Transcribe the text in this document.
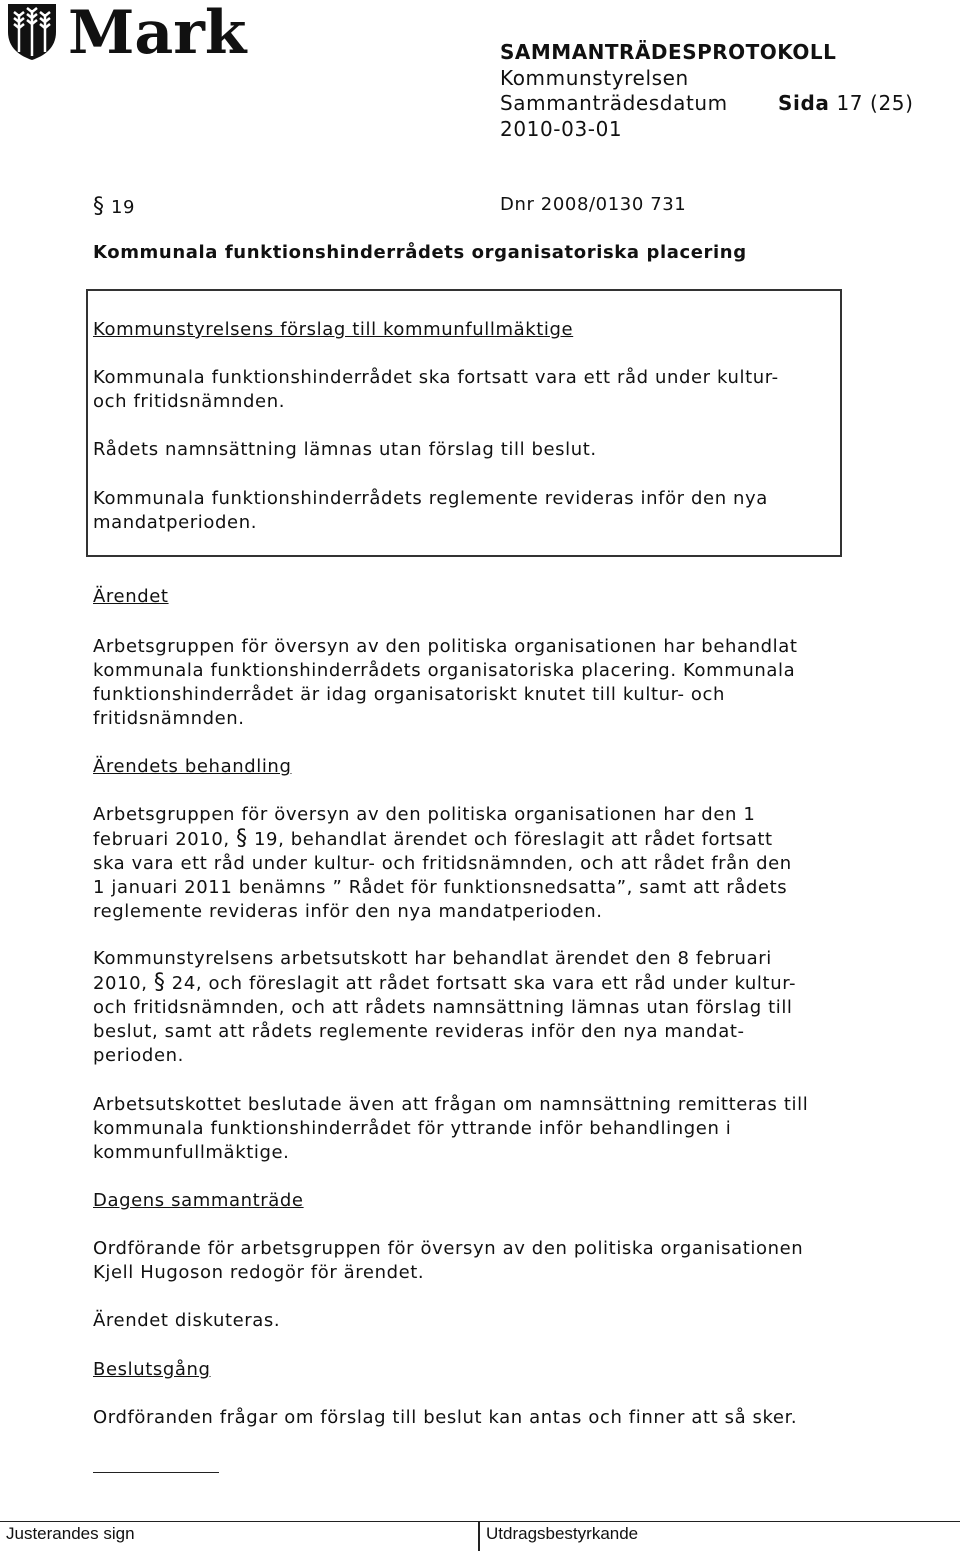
Mark	SAMMANTRÄDESPROTOKOLL
Kommunstyrelsen
Sammanträdesdatum	Sida 17 (25)
2010-03-01
§ 19	Dnr 2008/0130 731
Kommunala funktionshinderrådets organisatoriska placering
Kommunstyrelsens förslag till kommunfullmäktige
Kommunala funktionshinderrådet ska fortsatt vara ett råd under kultur-
och fritidsnämnden.
Rådets namnsättning lämnas utan förslag till beslut.
Kommunala funktionshinderrådets reglemente revideras inför den nya
mandatperioden.
Ärendet
Arbetsgruppen för översyn av den politiska organisationen har behandlat
kommunala funktionshinderrådets organisatoriska placering. Kommunala
funktionshinderrådet är idag organisatoriskt knutet till kultur- och
fritidsnämnden.
Ärendets behandling
Arbetsgruppen för översyn av den politiska organisationen har den 1
februari 2010, § 19, behandlat ärendet och föreslagit att rådet fortsatt
ska vara ett råd under kultur- och fritidsnämnden, och att rådet från den
1 januari 2011 benämns ” Rådet för funktionsnedsatta”, samt att rådets
reglemente revideras inför den nya mandatperioden.
Kommunstyrelsens arbetsutskott har behandlat ärendet den 8 februari
2010, § 24, och föreslagit att rådet fortsatt ska vara ett råd under kultur-
och fritidsnämnden, och att rådets namnsättning lämnas utan förslag till
beslut, samt att rådets reglemente revideras inför den nya mandat-
perioden.
Arbetsutskottet beslutade även att frågan om namnsättning remitteras till
kommunala funktionshinderrådet för yttrande inför behandlingen i
kommunfullmäktige.
Dagens sammanträde
Ordförande för arbetsgruppen för översyn av den politiska organisationen
Kjell Hugoson redogör för ärendet.
Ärendet diskuteras.
Beslutsgång
Ordföranden frågar om förslag till beslut kan antas och finner att så sker.
Justerandes sign	Utdragsbestyrkande
